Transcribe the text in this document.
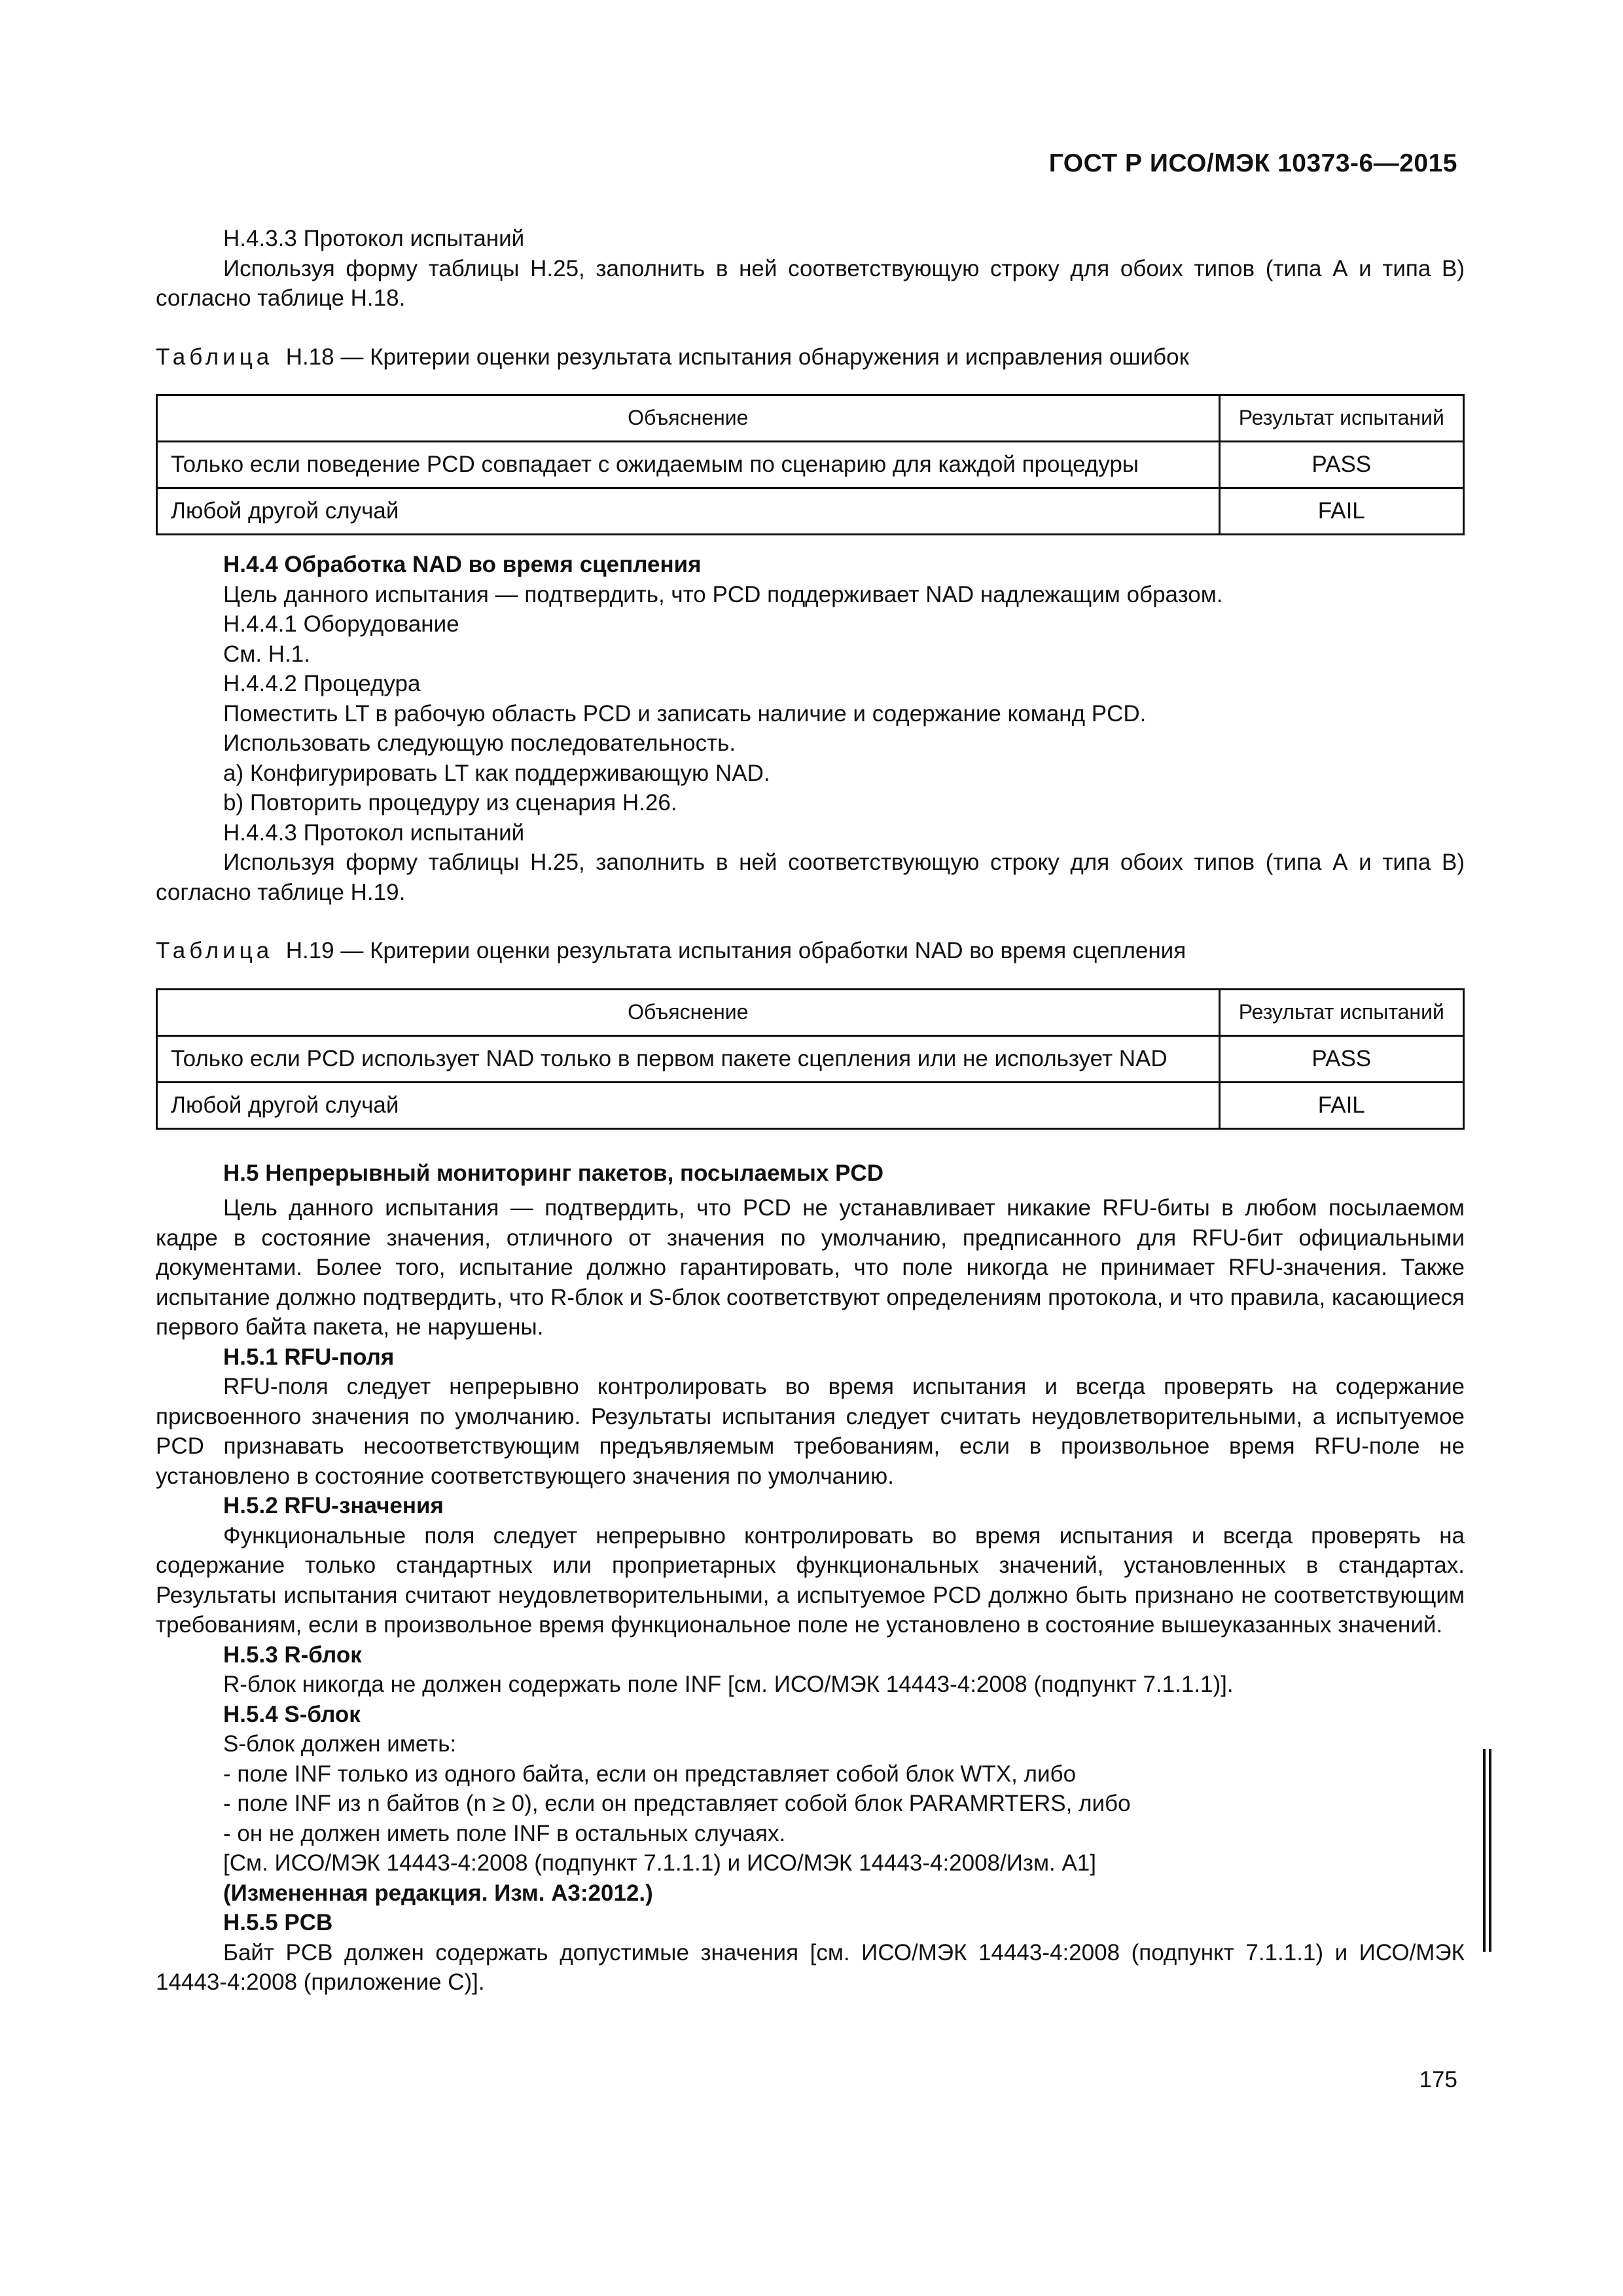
ГОСТ Р ИСО/МЭК 10373-6—2015
Н.4.3.3 Протокол испытаний

Используя форму таблицы Н.25, заполнить в ней соответствующую строку для обоих типов (типа А и типа В) согласно таблице Н.18.

Таблица Н.18 — Критерии оценки результата испытания обнаружения и исправления ошибок

Объяснение	Результат испытаний
Только если поведение PCD совпадает с ожидаемым по сценарию для каждой процедуры	PASS
Любой другой случай	FAIL
Н.4.4 Обработка NAD во время сцепления
Цель данного испытания — подтвердить, что PCD поддерживает NAD надлежащим образом.
Н.4.4.1 Оборудование
См. Н.1.
Н.4.4.2 Процедура
Поместить LT в рабочую область PCD и записать наличие и содержание команд PCD.
Использовать следующую последовательность.
а) Конфигурировать LT как поддерживающую NAD.
b) Повторить процедуру из сценария Н.26.
Н.4.4.3 Протокол испытаний

Используя форму таблицы Н.25, заполнить в ней соответствующую строку для обоих типов (типа А и типа В) согласно таблице Н.19.

Таблица Н.19 — Критерии оценки результата испытания обработки NAD во время сцепления

Объяснение	Результат испытаний
Только если PCD использует NAD только в первом пакете сцепления или не использует NAD	PASS
Любой другой случай	FAIL
Н.5 Непрерывный мониторинг пакетов, посылаемых PCD

Цель данного испытания — подтвердить, что PCD не устанавливает никакие RFU-биты в любом посылаемом кадре в состояние значения, отличного от значения по умолчанию, предписанного для RFU-бит официальными документами. Более того, испытание должно гарантировать, что поле никогда не принимает RFU-значения. Также испытание должно подтвердить, что R-блок и S-блок соответствуют определениям протокола, и что правила, касающиеся первого байта пакета, не нарушены.

Н.5.1 RFU-поля

RFU-поля следует непрерывно контролировать во время испытания и всегда проверять на содержание присвоенного значения по умолчанию. Результаты испытания следует считать неудовлетворительными, а испытуемое PCD признавать несоответствующим предъявляемым требованиям, если в произвольное время RFU-поле не установлено в состояние соответствующего значения по умолчанию.

Н.5.2 RFU-значения

Функциональные поля следует непрерывно контролировать во время испытания и всегда проверять на содержание только стандартных или проприетарных функциональных значений, установленных в стандартах. Результаты испытания считают неудовлетворительными, а испытуемое PCD должно быть признано не соответствующим требованиям, если в произвольное время функциональное поле не установлено в состояние вышеуказанных значений.

Н.5.3 R-блок

R-блок никогда не должен содержать поле INF [см. ИСО/МЭК 14443-4:2008 (подпункт 7.1.1.1)].

Н.5.4 S-блок
S-блок должен иметь:
- поле INF только из одного байта, если он представляет собой блок WTX, либо
- поле INF из n байтов (n ≥ 0), если он представляет собой блок PARAMRTERS, либо
- он не должен иметь поле INF в остальных случаях.
[См. ИСО/МЭК 14443-4:2008 (подпункт 7.1.1.1) и ИСО/МЭК 14443-4:2008/Изм. А1]
(Измененная редакция. Изм. А3:2012.)
Н.5.5 PCB

Байт PCB должен содержать допустимые значения [см. ИСО/МЭК 14443-4:2008 (подпункт 7.1.1.1) и ИСО/МЭК 14443-4:2008 (приложение С)].

175
